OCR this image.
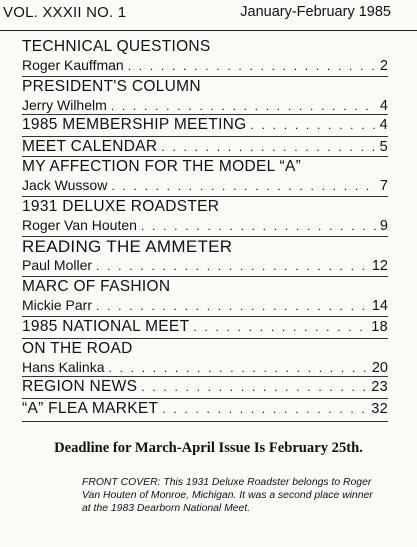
VOL. XXXII NO. 1	January-February 1985
TECHNICAL QUESTIONS
Roger Kauffman . . .	2
PRESIDENT'S COLUMN
Jerry Wilhelm . . .	4
1985 MEMBERSHIP MEETING . . .	4
MEET CALENDAR . . .	5
MY AFFECTION FOR THE MODEL “A”
Jack Wussow . . .	7
1931 DELUXE ROADSTER
Roger Van Houten . . .	9
READING THE AMMETER
Paul Moller . . .	12
MARC OF FASHION
Mickie Parr . . .	14
1985 NATIONAL MEET . . .	18
ON THE ROAD
Hans Kalinka . . .	20
REGION NEWS . . .	23
“A” FLEA MARKET . . .	32
Deadline for March-April Issue Is February 25th.
FRONT COVER: This 1931 Deluxe Roadster belongs to Roger Van Houten of Monroe, Michigan. It was a second place winner at the 1983 Dearborn National Meet.
